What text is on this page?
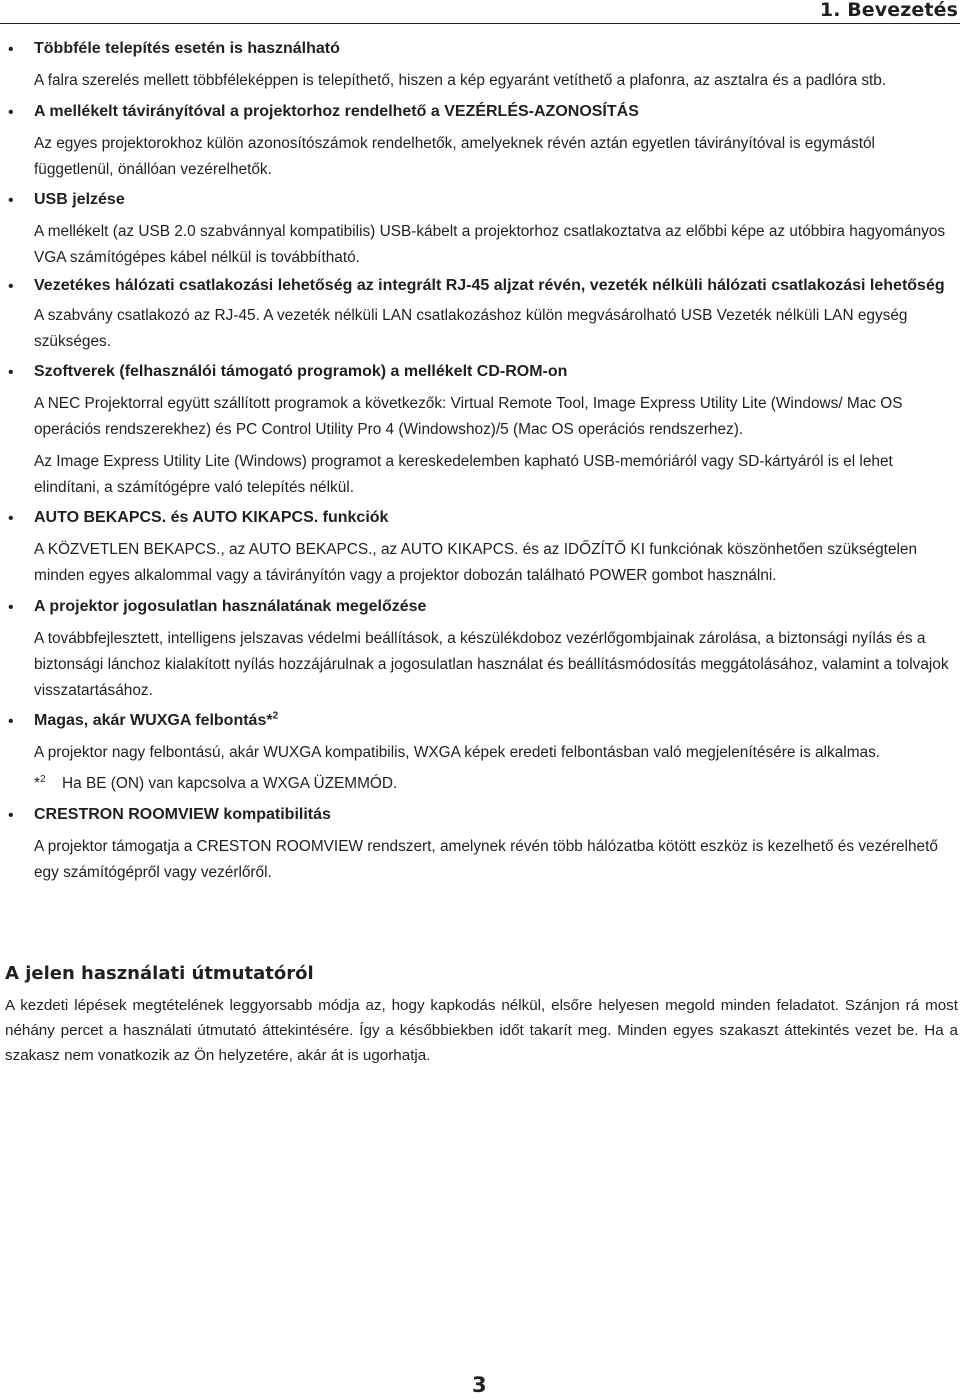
1. Bevezetés
• Többféle telepítés esetén is használható

A falra szerelés mellett többféleképpen is telepíthető, hiszen a kép egyaránt vetíthető a plafonra, az asztalra és a padlóra stb.

• A mellékelt távirányítóval a projektorhoz rendelhető a VEZÉRLÉS-AZONOSÍTÁS

Az egyes projektorokhoz külön azonosítószámok rendelhetők, amelyeknek révén aztán egyetlen távirányítóval is egymástól függetlenül, önállóan vezérelhetők.

• USB jelzése

A mellékelt (az USB 2.0 szabvánnyal kompatibilis) USB-kábelt a projektorhoz csatlakoztatva az előbbi képe az utóbbira hagyományos VGA számítógépes kábel nélkül is továbbítható.

• Vezetékes hálózati csatlakozási lehetőség az integrált RJ-45 aljzat révén, vezeték nélküli hálózati csatlakozási lehetőség

A szabvány csatlakozó az RJ-45. A vezeték nélküli LAN csatlakozáshoz külön megvásárolható USB Vezeték nélküli LAN egység szükséges.

• Szoftverek (felhasználói támogató programok) a mellékelt CD-ROM-on

A NEC Projektorral együtt szállított programok a következők: Virtual Remote Tool, Image Express Utility Lite (Windows/ Mac OS operációs rendszerekhez) és PC Control Utility Pro 4 (Windowshoz)/5 (Mac OS operációs rendszerhez).

Az Image Express Utility Lite (Windows) programot a kereskedelemben kapható USB-memóriáról vagy SD-kártyáról is el lehet elindítani, a számítógépre való telepítés nélkül.

• AUTO BEKAPCS. és AUTO KIKAPCS. funkciók

A KÖZVETLEN BEKAPCS., az AUTO BEKAPCS., az AUTO KIKAPCS. és az IDŐZÍTŐ KI funkciónak köszönhetően szükségtelen minden egyes alkalommal vagy a távirányítón vagy a projektor dobozán található POWER gombot használni.

• A projektor jogosulatlan használatának megelőzése

A továbbfejlesztett, intelligens jelszavas védelmi beállítások, a készülékdoboz vezérlőgombjainak zárolása, a biztonsági nyílás és a biztonsági lánchoz kialakított nyílás hozzájárulnak a jogosulatlan használat és beállításmódosítás meggátolásához, valamint a tolvajok visszatartásához.

• Magas, akár WUXGA felbontás*$^2$

A projektor nagy felbontású, akár WUXGA kompatibilis, WXGA képek eredeti felbontásban való megjelenítésére is alkalmas.

*$^2$ Ha BE (ON) van kapcsolva a WXGA ÜZEMMÓD.

• CRESTRON ROOMVIEW kompatibilitás

A projektor támogatja a CRESTON ROOMVIEW rendszert, amelynek révén több hálózatba kötött eszköz is kezelhető és vezérelhető egy számítógépről vagy vezérlőről.

A jelen használati útmutatóról

A kezdeti lépések megtételének leggyorsabb módja az, hogy kapkodás nélkül, elsőre helyesen megold minden feladatot. Szánjon rá most néhány percet a használati útmutató áttekintésére. Így a későbbiekben időt takarít meg. Minden egyes szakaszt áttekintés vezet be. Ha a szakasz nem vonatkozik az Ön helyzetére, akár át is ugorhatja.

3
